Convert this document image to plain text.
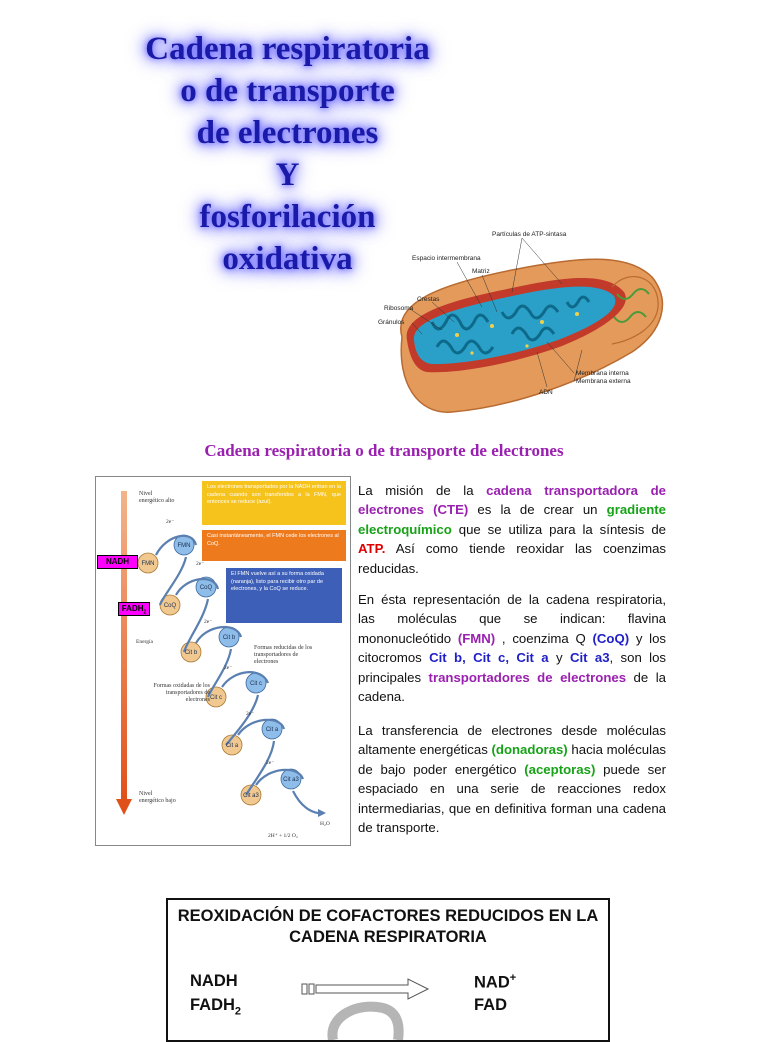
Cadena respiratoria
o de transporte
de electrones
Y
fosforilación
oxidativa
Partículas de ATP-sintasa
Espacio intermembrana
Matriz
Crestas
Ribosoma
Gránulos
Membrana interna
Membrana externa
ADN
Cadena respiratoria o de transporte de electrones
FMN
FMN
CoQ
CoQ
Cit b
Cit b
Cit c
Cit c
Cit a
Cit a
Cit a3
Cit a3
2e⁻
2e⁻
2e⁻
2e⁻
2e⁻
2e⁻
H₂O
2H⁺ + 1/2 O₂
Energía
Los electrones transportados por la NADH entran en la cadena cuando son transferidos a la FMN, que entonces se reduce (azul).
Casi instantáneamente, el FMN cede los electrones al CoQ.
El FMN vuelve así a su forma oxidada (naranja), listo para recibir otro par de electrones, y la CoQ se reduce.
NADH
$FADH_2$
Nivel energético alto
Nivel energético bajo
Formas reducidas de los transportadores de electrones
Formas oxidadas de los transportadores de electrones
La misión de la cadena transportadora de electrones (CTE) es la de crear un gradiente electroquímico que se utiliza para la síntesis de ATP. Así como tiende reoxidar las coenzimas reducidas.
En ésta representación de la cadena respiratoria, las moléculas que se indican: flavina mononucleótido (FMN) , coenzima Q (CoQ) y los citocromos Cit b, Cit c, Cit a y Cit a3, son los principales transportadores de electrones de la cadena.
La transferencia de electrones desde moléculas altamente energéticas (donadoras) hacia moléculas de bajo poder energético (aceptoras) puede ser espaciado en una serie de reacciones redox intermediarias, que en definitiva forman una cadena de transporte.
REOXIDACIÓN DE COFACTORES REDUCIDOS EN LA CADENA RESPIRATORIA
NADH
$FADH_2$
NAD+
FAD
